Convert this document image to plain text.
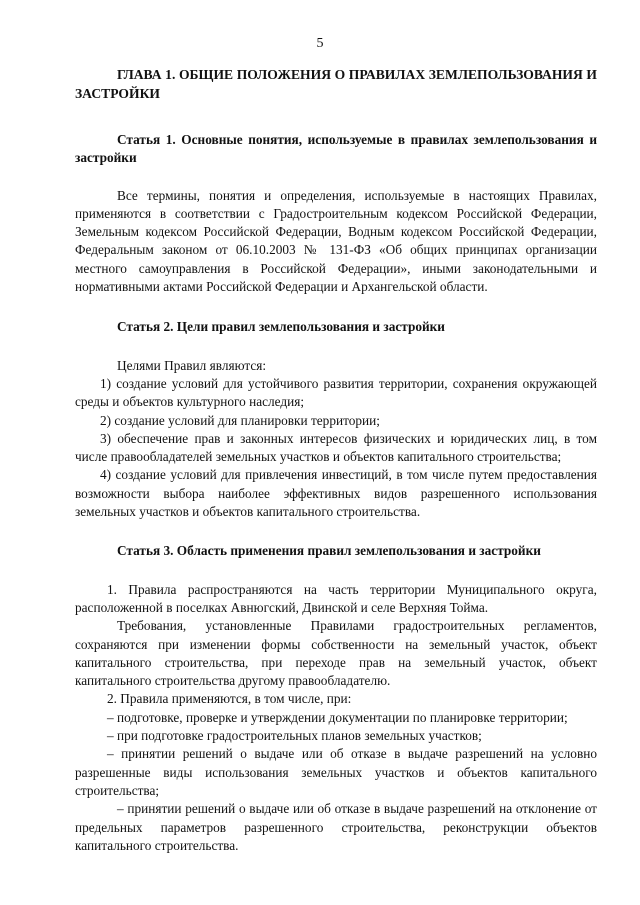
5

ГЛАВА 1. ОБЩИЕ ПОЛОЖЕНИЯ О ПРАВИЛАХ ЗЕМЛЕПОЛЬЗОВАНИЯ И ЗАСТРОЙКИ

Статья 1. Основные понятия, используемые в правилах землепользования и застройки

Все термины, понятия и определения, используемые в настоящих Правилах, применяются в соответствии с Градостроительным кодексом Российской Федерации, Земельным кодексом Российской Федерации, Водным кодексом Российской Федерации, Федеральным законом от 06.10.2003 № 131-ФЗ «Об общих принципах организации местного самоуправления в Российской Федерации», иными законодательными и нормативными актами Российской Федерации и Архангельской области.

Статья 2. Цели правил землепользования и застройки

Целями Правил являются:

1) создание условий для устойчивого развития территории, сохранения окружающей среды и объектов культурного наследия;

2) создание условий для планировки территории;

3) обеспечение прав и законных интересов физических и юридических лиц, в том числе правообладателей земельных участков и объектов капитального строительства;

4) создание условий для привлечения инвестиций, в том числе путем предоставления возможности выбора наиболее эффективных видов разрешенного использования земельных участков и объектов капитального строительства.

Статья 3. Область применения правил землепользования и застройки

1. Правила распространяются на часть территории Муниципального округа, расположенной в поселках Авнюгский, Двинской и селе Верхняя Тойма.

Требования, установленные Правилами градостроительных регламентов, сохраняются при изменении формы собственности на земельный участок, объект капитального строительства, при переходе прав на земельный участок, объект капитального строительства другому правообладателю.

2. Правила применяются, в том числе, при:

– подготовке, проверке и утверждении документации по планировке территории;

– при подготовке градостроительных планов земельных участков;

– принятии решений о выдаче или об отказе в выдаче разрешений на условно разрешенные виды использования земельных участков и объектов капитального строительства;

– принятии решений о выдаче или об отказе в выдаче разрешений на отклонение от предельных параметров разрешенного строительства, реконструкции объектов капитального строительства.
